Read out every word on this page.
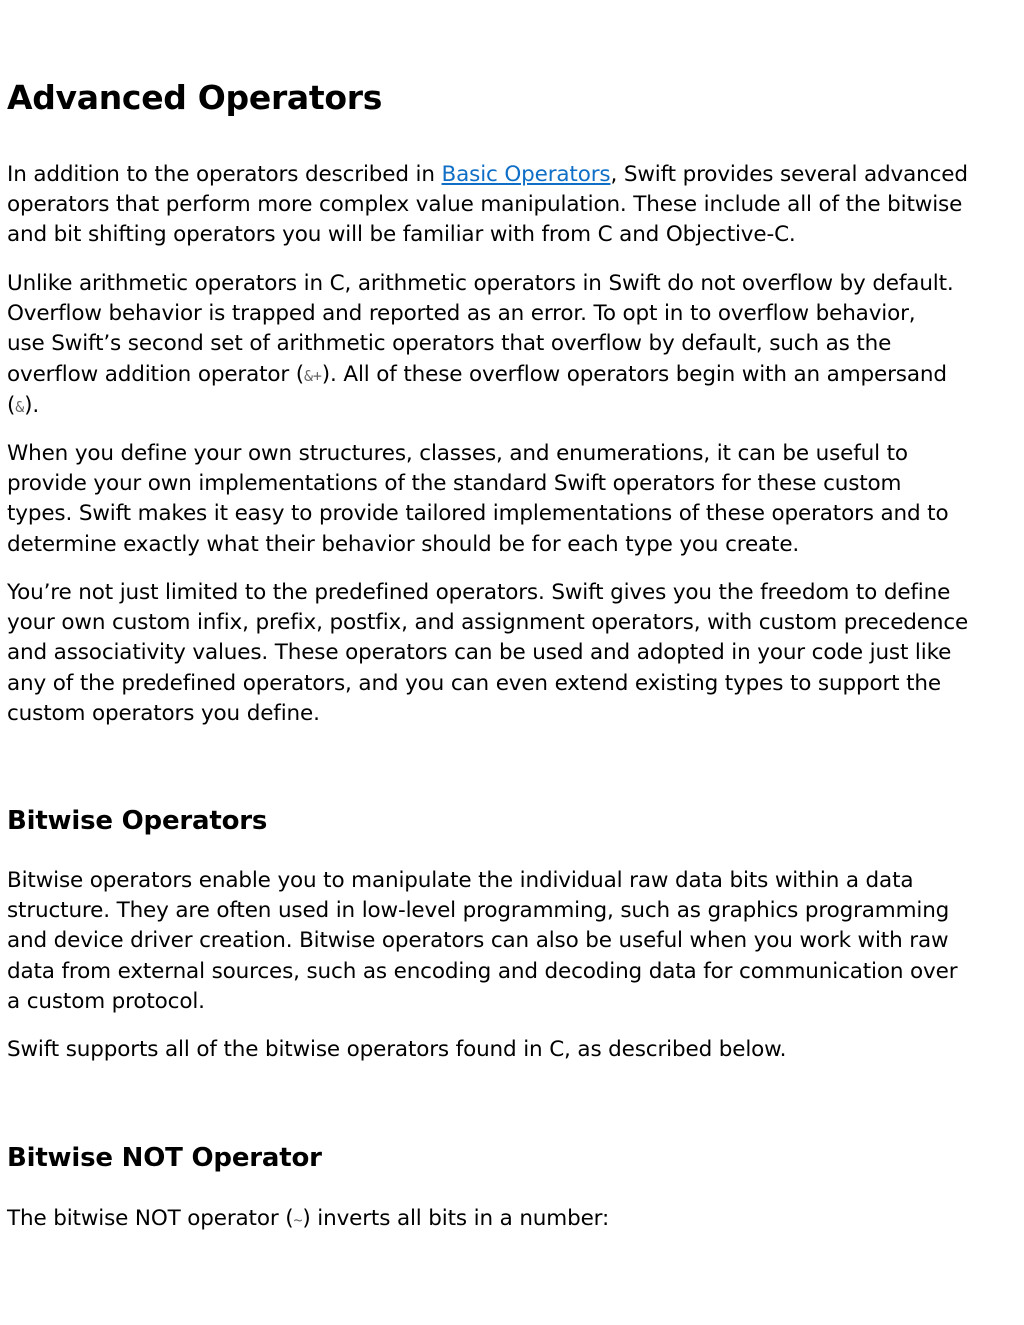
Advanced Operators

In addition to the operators described in Basic Operators, Swift provides several advanced
operators that perform more complex value manipulation. These include all of the bitwise
and bit shifting operators you will be familiar with from C and Objective-C.

Unlike arithmetic operators in C, arithmetic operators in Swift do not overflow by default.
Overflow behavior is trapped and reported as an error. To opt in to overflow behavior,
use Swift’s second set of arithmetic operators that overflow by default, such as the
overflow addition operator (&+). All of these overflow operators begin with an ampersand
(&).

When you define your own structures, classes, and enumerations, it can be useful to
provide your own implementations of the standard Swift operators for these custom
types. Swift makes it easy to provide tailored implementations of these operators and to
determine exactly what their behavior should be for each type you create.

You’re not just limited to the predefined operators. Swift gives you the freedom to define
your own custom infix, prefix, postfix, and assignment operators, with custom precedence
and associativity values. These operators can be used and adopted in your code just like
any of the predefined operators, and you can even extend existing types to support the
custom operators you define.

Bitwise Operators

Bitwise operators enable you to manipulate the individual raw data bits within a data
structure. They are often used in low-level programming, such as graphics programming
and device driver creation. Bitwise operators can also be useful when you work with raw
data from external sources, such as encoding and decoding data for communication over
a custom protocol.

Swift supports all of the bitwise operators found in C, as described below.

Bitwise NOT Operator

The bitwise NOT operator (~) inverts all bits in a number:
